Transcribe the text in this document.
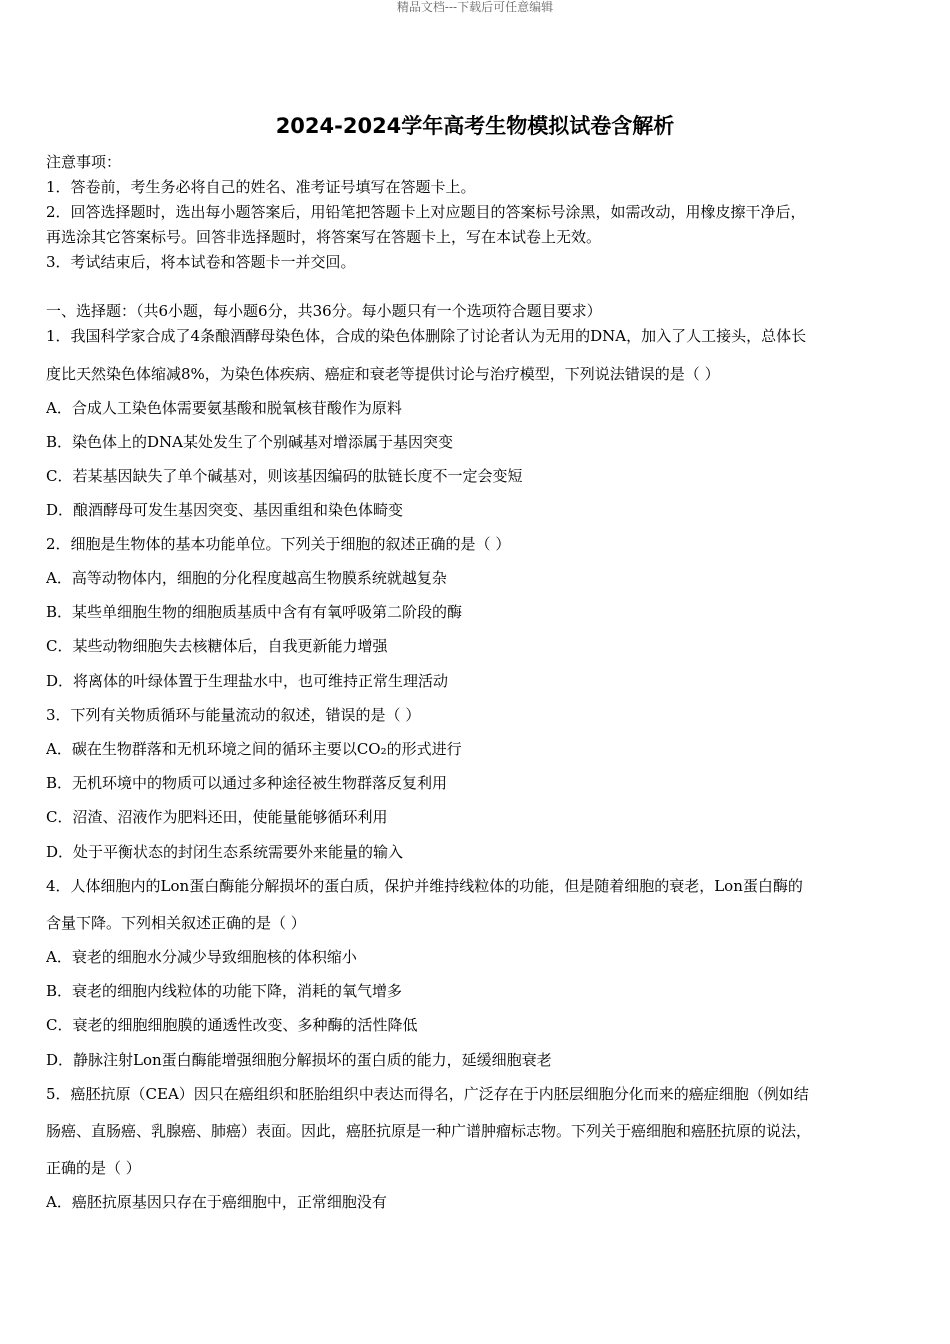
精品文档---下载后可任意编辑
2024-2024学年高考生物模拟试卷含解析
注意事项：
1．答卷前，考生务必将自己的姓名、准考证号填写在答题卡上。
2．回答选择题时，选出每小题答案后，用铅笔把答题卡上对应题目的答案标号涂黑，如需改动，用橡皮擦干净后，
再选涂其它答案标号。回答非选择题时，将答案写在答题卡上，写在本试卷上无效。
3．考试结束后，将本试卷和答题卡一并交回。
一、选择题：（共6小题，每小题6分，共36分。每小题只有一个选项符合题目要求）
1．我国科学家合成了4条酿酒酵母染色体，合成的染色体删除了讨论者认为无用的DNA，加入了人工接头，总体长
度比天然染色体缩减8%，为染色体疾病、癌症和衰老等提供讨论与治疗模型，下列说法错误的是（ ）
A．合成人工染色体需要氨基酸和脱氧核苷酸作为原料
B．染色体上的DNA某处发生了个别碱基对增添属于基因突变
C．若某基因缺失了单个碱基对，则该基因编码的肽链长度不一定会变短
D．酿酒酵母可发生基因突变、基因重组和染色体畸变
2．细胞是生物体的基本功能单位。下列关于细胞的叙述正确的是（ ）
A．高等动物体内，细胞的分化程度越高生物膜系统就越复杂
B．某些单细胞生物的细胞质基质中含有有氧呼吸第二阶段的酶
C．某些动物细胞失去核糖体后，自我更新能力增强
D．将离体的叶绿体置于生理盐水中，也可维持正常生理活动
3．下列有关物质循环与能量流动的叙述，错误的是（ ）
A．碳在生物群落和无机环境之间的循环主要以CO₂的形式进行
B．无机环境中的物质可以通过多种途径被生物群落反复利用
C．沼渣、沼液作为肥料还田，使能量能够循环利用
D．处于平衡状态的封闭生态系统需要外来能量的输入
4．人体细胞内的Lon蛋白酶能分解损坏的蛋白质，保护并维持线粒体的功能，但是随着细胞的衰老，Lon蛋白酶的
含量下降。下列相关叙述正确的是（ ）
A．衰老的细胞水分减少导致细胞核的体积缩小
B．衰老的细胞内线粒体的功能下降，消耗的氧气增多
C．衰老的细胞细胞膜的通透性改变、多种酶的活性降低
D．静脉注射Lon蛋白酶能增强细胞分解损坏的蛋白质的能力，延缓细胞衰老
5．癌胚抗原（CEA）因只在癌组织和胚胎组织中表达而得名，广泛存在于内胚层细胞分化而来的癌症细胞（例如结
肠癌、直肠癌、乳腺癌、肺癌）表面。因此，癌胚抗原是一种广谱肿瘤标志物。下列关于癌细胞和癌胚抗原的说法，
正确的是（ ）
A．癌胚抗原基因只存在于癌细胞中，正常细胞没有
